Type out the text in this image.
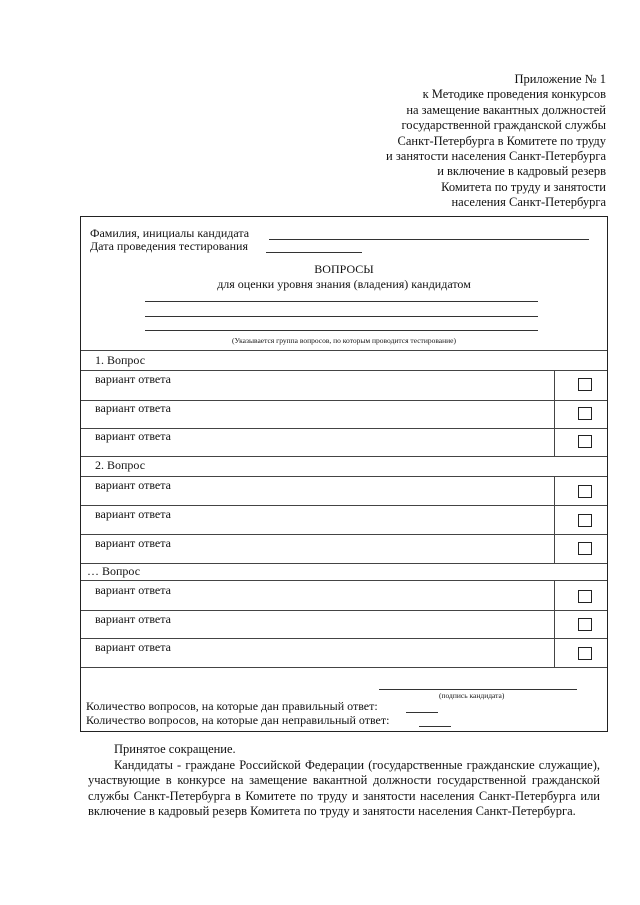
Приложение № 1
к Методике проведения конкурсов
на замещение вакантных должностей
государственной гражданской службы
Санкт-Петербурга в Комитете по труду
и занятости населения Санкт-Петербурга
и включение в кадровый резерв
Комитета по труду и занятости
населения Санкт-Петербурга
Фамилия, инициалы кандидата
Дата проведения тестирования
ВОПРОСЫ
для оценки уровня знания (владения) кандидатом
(Указывается группа вопросов, по которым проводится тестирование)
1. Вопрос
вариант ответа
вариант ответа
вариант ответа
2. Вопрос
вариант ответа
вариант ответа
вариант ответа
… Вопрос
вариант ответа
вариант ответа
вариант ответа
(подпись кандидата)
Количество вопросов, на которые дан правильный ответ:
Количество вопросов, на которые дан неправильный ответ:

Принятое сокращение.

Кандидаты - граждане Российской Федерации (государственные гражданские служащие), участвующие в конкурсе на замещение вакантной должности государственной гражданской службы Санкт-Петербурга в Комитете по труду и занятости населения Санкт-Петербурга или включение в кадровый резерв Комитета по труду и занятости населения Санкт-Петербурга.
